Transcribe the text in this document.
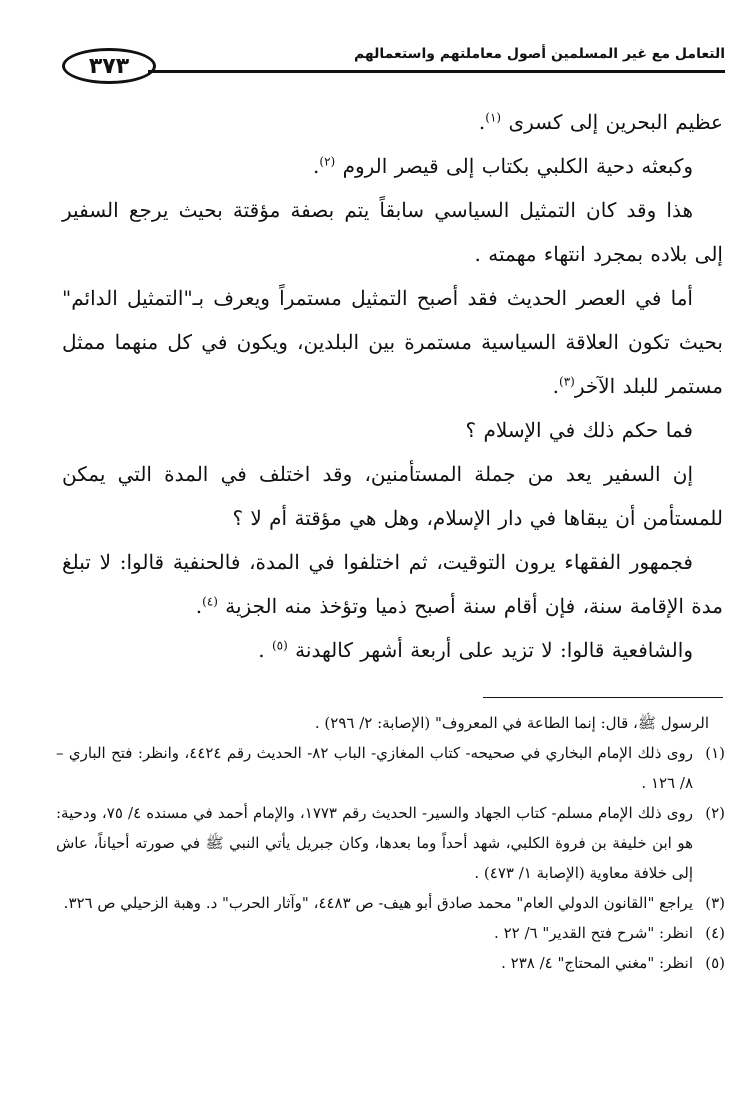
٣٧٣	التعامل مع غير المسلمين أصول معاملتهم واستعمالهم

عظيم البحرين إلى كسرى $^{(١)}$.

وكبعثه دحية الكلبي بكتاب إلى قيصر الروم $^{(٢)}$.

هذا وقد كان التمثيل السياسي سابقاً يتم بصفة مؤقتة بحيث يرجع السفير إلى بلاده بمجرد انتهاء مهمته .

أما في العصر الحديث فقد أصبح التمثيل مستمراً ويعرف بـ"التمثيل الدائم" بحيث تكون العلاقة السياسية مستمرة بين البلدين، ويكون في كل منهما ممثل مستمر للبلد الآخر$^{(٣)}$.

فما حكم ذلك في الإسلام ؟

إن السفير يعد من جملة المستأمنين، وقد اختلف في المدة التي يمكن للمستأمن أن يبقاها في دار الإسلام، وهل هي مؤقتة أم لا ؟

فجمهور الفقهاء يرون التوقيت، ثم اختلفوا في المدة، فالحنفية قالوا: لا تبلغ مدة الإقامة سنة، فإن أقام سنة أصبح ذميا وتؤخذ منه الجزية $^{(٤)}$.

والشافعية قالوا: لا تزيد على أربعة أشهر كالهدنة $^{(٥)}$ .

الرسول ﷺ، قال: إنما الطاعة في المعروف" (الإصابة: ٢/ ٢٩٦) .

(١)
روى ذلك الإمام البخاري في صحيحه- كتاب المغازي- الباب ٨٢- الحديث رقم ٤٤٢٤، وانظر: فتح الباري –٨/ ١٢٦ .

(٢)
روى ذلك الإمام مسلم- كتاب الجهاد والسير- الحديث رقم ١٧٧٣، والإمام أحمد في مسنده ٤/ ٧٥، ودحية: هو ابن خليفة بن فروة الكلبي، شهد أحداً وما بعدها، وكان جبريل يأتي النبي ﷺ في صورته أحياناً، عاش إلى خلافة معاوية (الإصابة ١/ ٤٧٣) .

(٣)
يراجع "القانون الدولي العام" محمد صادق أبو هيف- ص ٤٤٨٣، "وآثار الحرب" د. وهبة الزحيلي ص ٣٢٦.

(٤)
انظر: "شرح فتح القدير" ٦/ ٢٢ .

(٥)
انظر: "مغني المحتاج" ٤/ ٢٣٨ .
